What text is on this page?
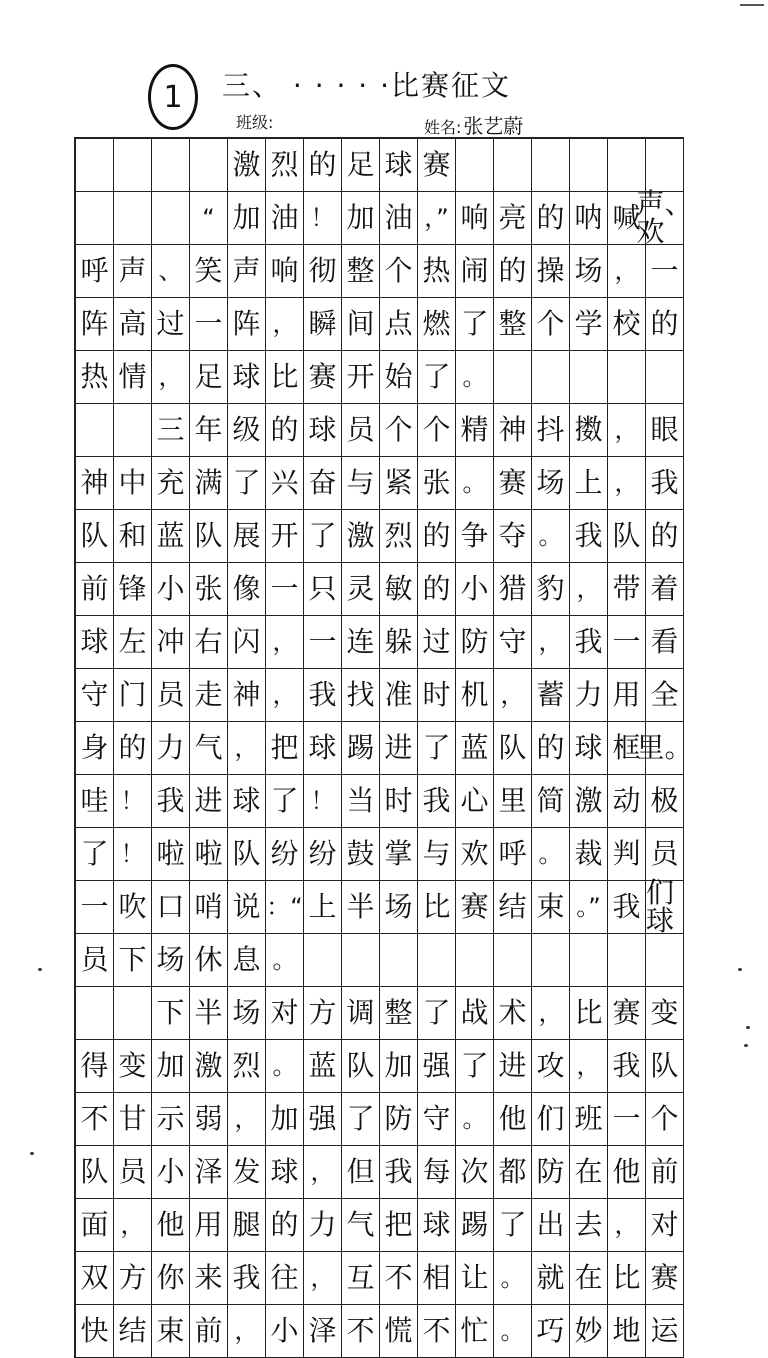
1 三、 · · · · ·比赛征文
班级:	姓名: 张艺蔚
激 烈 的 足 球 赛
“ 加 油 ！ 加 油 ，” 响 亮 的 呐 喊
声、欢
呼 声 、 笑 声 响 彻 整 个 热 闹 的 操 场 ， 一
阵 高 过 一 阵 ， 瞬 间 点 燃 了 整 个 学 校 的
热 情 ， 足 球 比 赛 开 始 了 。
三 年 级 的 球 员 个 个 精 神 抖 擞 ， 眼
神 中 充 满 了 兴 奋 与 紧 张 。 赛 场 上 ， 我
队 和 蓝 队 展 开 了 激 烈 的 争 夺 。 我 队 的
前 锋 小 张 像 一 只 灵 敏 的 小 猎 豹 ， 带 着
球 左 冲 右 闪 ， 一 连 躲 过 防 守 ， 我 一 看
守 门 员 走 神 ， 我 找 准 时 机 ， 蓄 力 用 全
身 的 力 气 ， 把 球 踢 进 了 蓝 队 的 球 框
里。
哇 ！ 我 进 球 了 ！ 当 时 我 心 里 简 激 动 极
了 ！ 啦 啦 队 纷 纷 鼓 掌 与 欢 呼 。 裁 判 员
一 吹 口 哨 说 ：“ 上 半 场 比 赛 结 束 。” 我 们球
员 下 场 休 息 。
下 半 场 对 方 调 整 了 战 术 ， 比 赛 变
得 变 加 激 烈 。 蓝 队 加 强 了 进 攻 ， 我 队
不 甘 示 弱 ， 加 强 了 防 守 。 他 们 班 一 个
队 员 小 泽 发 球 ， 但 我 每 次 都 防 在 他 前
面 ， 他 用 腿 的 力 气 把 球 踢 了 出 去 ， 对
双 方 你 来 我 往 ， 互 不 相 让 。 就 在 比 赛
快 结 束 前 ， 小 泽 不 慌 不 忙 。 巧 妙 地 运
